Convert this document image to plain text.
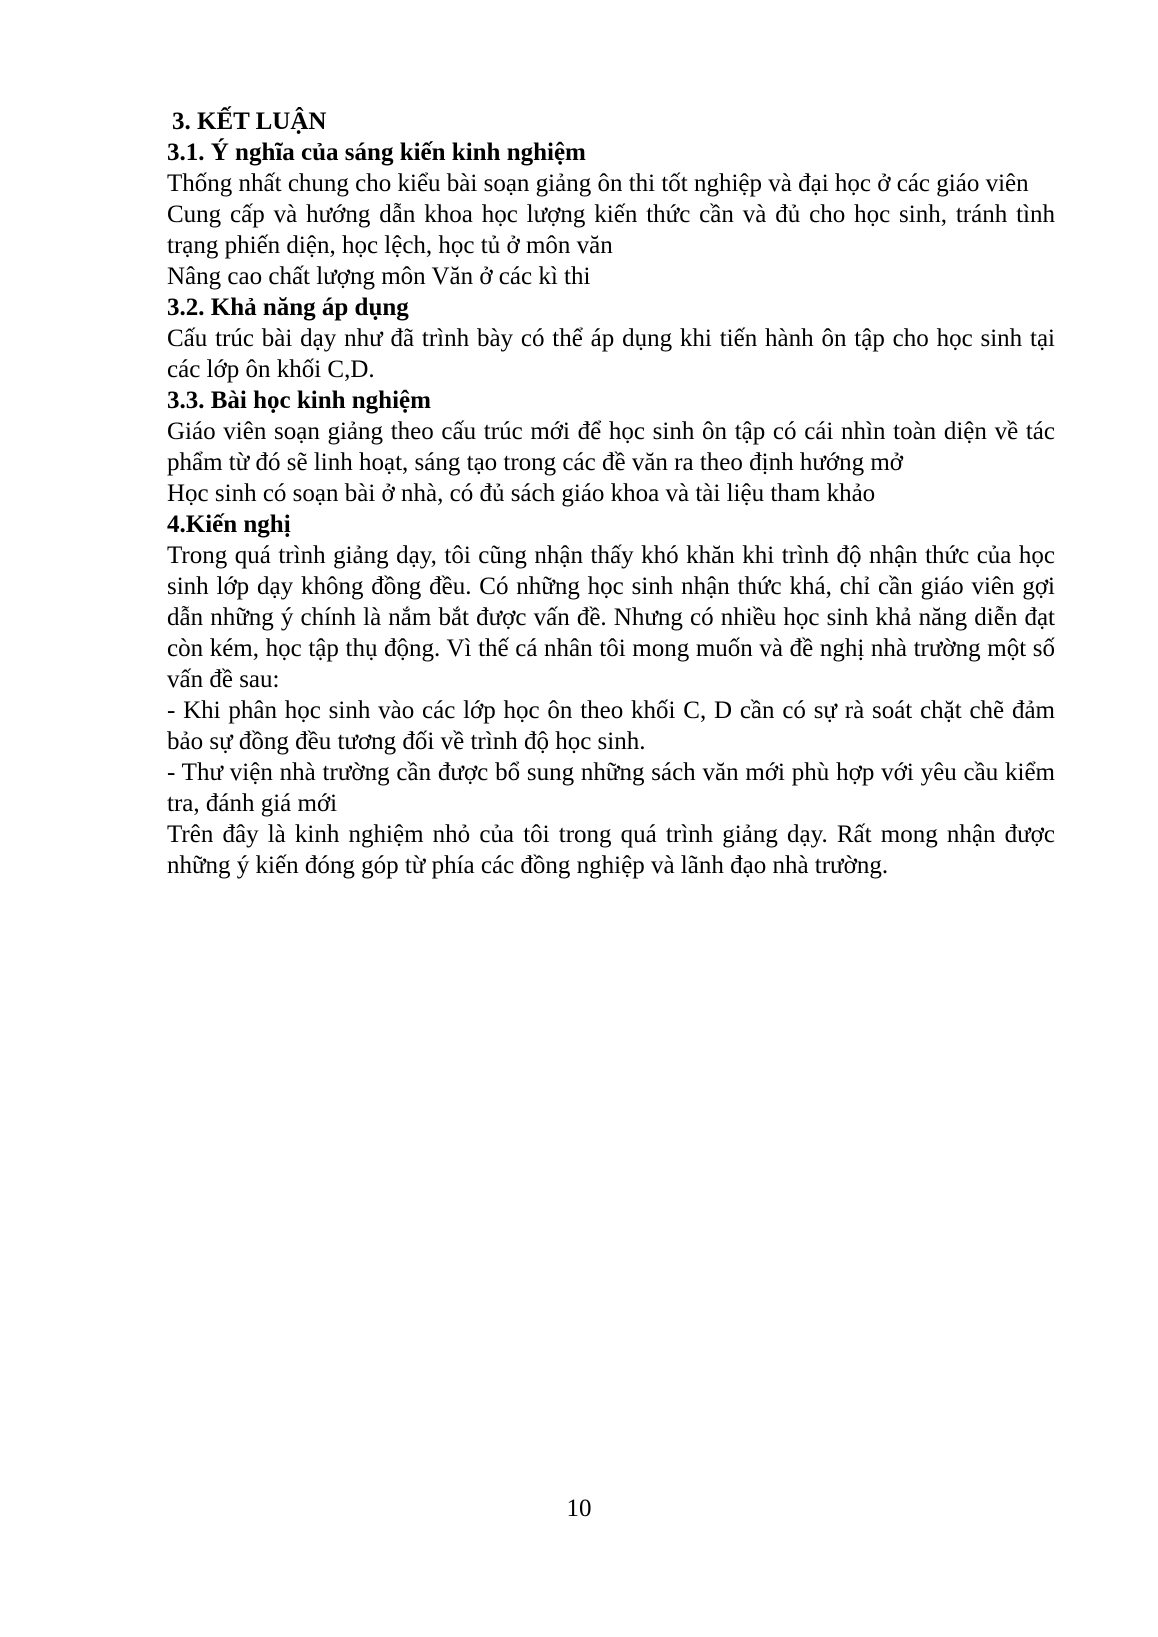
3. KẾT LUẬN

3.1. Ý nghĩa của sáng kiến kinh nghiệm

Thống nhất chung cho kiểu bài soạn giảng ôn thi tốt nghiệp và đại học ở các giáo viên

Cung cấp và hướng dẫn khoa học lượng kiến thức cần và đủ cho học sinh, tránh tình trạng phiến diện, học lệch, học tủ ở môn văn

Nâng cao chất lượng môn Văn ở các kì thi

3.2. Khả năng áp dụng

Cấu trúc bài dạy như đã trình bày có thể áp dụng khi tiến hành ôn tập cho học sinh tại các lớp ôn khối C,D.

3.3. Bài học kinh nghiệm

Giáo viên soạn giảng theo cấu trúc mới để học sinh ôn tập có cái nhìn toàn diện về tác phẩm từ đó sẽ linh hoạt, sáng tạo trong các đề văn ra theo định hướng mở

Học sinh có soạn bài ở nhà, có đủ sách giáo khoa và tài liệu tham khảo

4.Kiến nghị

Trong quá trình giảng dạy, tôi cũng nhận thấy khó khăn khi trình độ nhận thức của học sinh lớp dạy không đồng đều. Có những học sinh nhận thức khá, chỉ cần giáo viên gợi dẫn những ý chính là nắm bắt được vấn đề. Nhưng có nhiều học sinh khả năng diễn đạt còn kém, học tập thụ động. Vì thế cá nhân tôi mong muốn và đề nghị nhà trường một số vấn đề sau:

- Khi phân học sinh vào các lớp học ôn theo khối C, D cần có sự rà soát chặt chẽ đảm bảo sự đồng đều tương đối về trình độ học sinh.

- Thư viện nhà trường cần được bổ sung những sách văn mới phù hợp với yêu cầu kiểm tra, đánh giá mới

Trên đây là kinh nghiệm nhỏ của tôi trong quá trình giảng dạy. Rất mong nhận được những ý kiến đóng góp từ phía các đồng nghiệp và lãnh đạo nhà trường.

10
